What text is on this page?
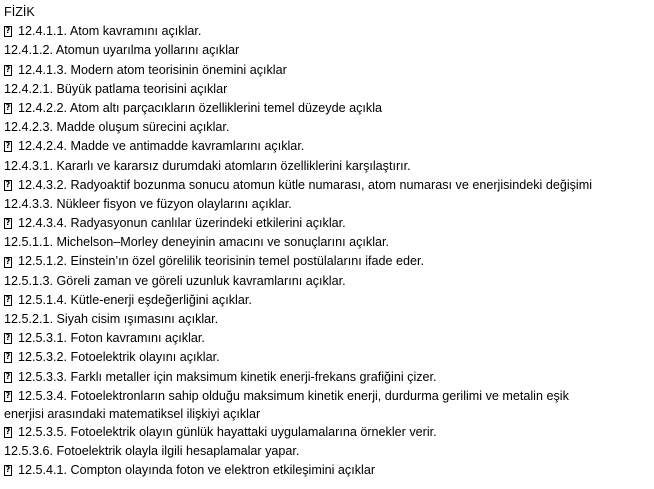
FİZİK
?
12.4.1.1. Atom kavramını açıklar.
12.4.1.2. Atomun uyarılma yollarını açıklar
?
12.4.1.3. Modern atom teorisinin önemini açıklar
12.4.2.1. Büyük patlama teorisini açıklar
?
12.4.2.2. Atom altı parçacıkların özelliklerini temel düzeyde açıkla
12.4.2.3. Madde oluşum sürecini açıklar.
?
12.4.2.4. Madde ve antimadde kavramlarını açıklar.
12.4.3.1. Kararlı ve kararsız durumdaki atomların özelliklerini karşılaştırır.
?
12.4.3.2. Radyoaktif bozunma sonucu atomun kütle numarası, atom numarası ve enerjisindeki değişimi
12.4.3.3. Nükleer fisyon ve füzyon olaylarını açıklar.
?
12.4.3.4. Radyasyonun canlılar üzerindeki etkilerini açıklar.
12.5.1.1. Michelson–Morley deneyinin amacını ve sonuçlarını açıklar.
?
12.5.1.2. Einstein’ın özel görelilik teorisinin temel postülalarını ifade eder.
12.5.1.3. Göreli zaman ve göreli uzunluk kavramlarını açıklar.
?
12.5.1.4. Kütle-enerji eşdeğerliğini açıklar.
12.5.2.1. Siyah cisim ışımasını açıklar.
?
12.5.3.1. Foton kavramını açıklar.
?
12.5.3.2. Fotoelektrik olayını açıklar.
?
12.5.3.3. Farklı metaller için maksimum kinetik enerji-frekans grafiğini çizer.
?
12.5.3.4. Fotoelektronların sahip olduğu maksimum kinetik enerji, durdurma gerilimi ve metalin eşik
enerjisi arasındaki matematiksel ilişkiyi açıklar
?
12.5.3.5. Fotoelektrik olayın günlük hayattaki uygulamalarına örnekler verir.
12.5.3.6. Fotoelektrik olayla ilgili hesaplamalar yapar.
?
12.5.4.1. Compton olayında foton ve elektron etkileşimini açıklar
